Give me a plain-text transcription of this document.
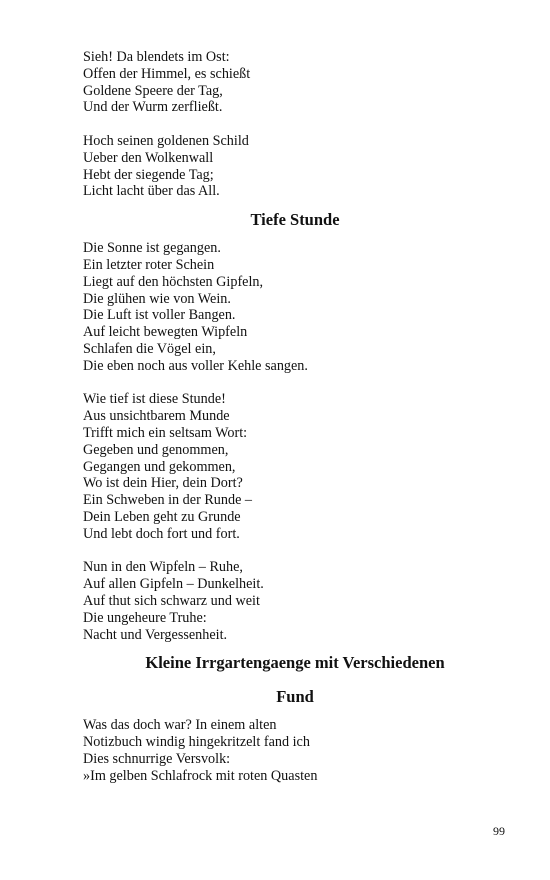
Sieh! Da blendets im Ost:
Offen der Himmel, es schießt
Goldene Speere der Tag,
Und der Wurm zerfließt.
Hoch seinen goldenen Schild
Ueber den Wolkenwall
Hebt der siegende Tag;
Licht lacht über das All.
Tiefe Stunde
Die Sonne ist gegangen.
Ein letzter roter Schein
Liegt auf den höchsten Gipfeln,
Die glühen wie von Wein.
Die Luft ist voller Bangen.
Auf leicht bewegten Wipfeln
Schlafen die Vögel ein,
Die eben noch aus voller Kehle sangen.
Wie tief ist diese Stunde!
Aus unsichtbarem Munde
Trifft mich ein seltsam Wort:
Gegeben und genommen,
Gegangen und gekommen,
Wo ist dein Hier, dein Dort?
Ein Schweben in der Runde –
Dein Leben geht zu Grunde
Und lebt doch fort und fort.
Nun in den Wipfeln – Ruhe,
Auf allen Gipfeln – Dunkelheit.
Auf thut sich schwarz und weit
Die ungeheure Truhe:
Nacht und Vergessenheit.
Kleine Irrgartengaenge mit Verschiedenen
Fund
Was das doch war? In einem alten
Notizbuch windig hingekritzelt fand ich
Dies schnurrige Versvolk:
»Im gelben Schlafrock mit roten Quasten
99
